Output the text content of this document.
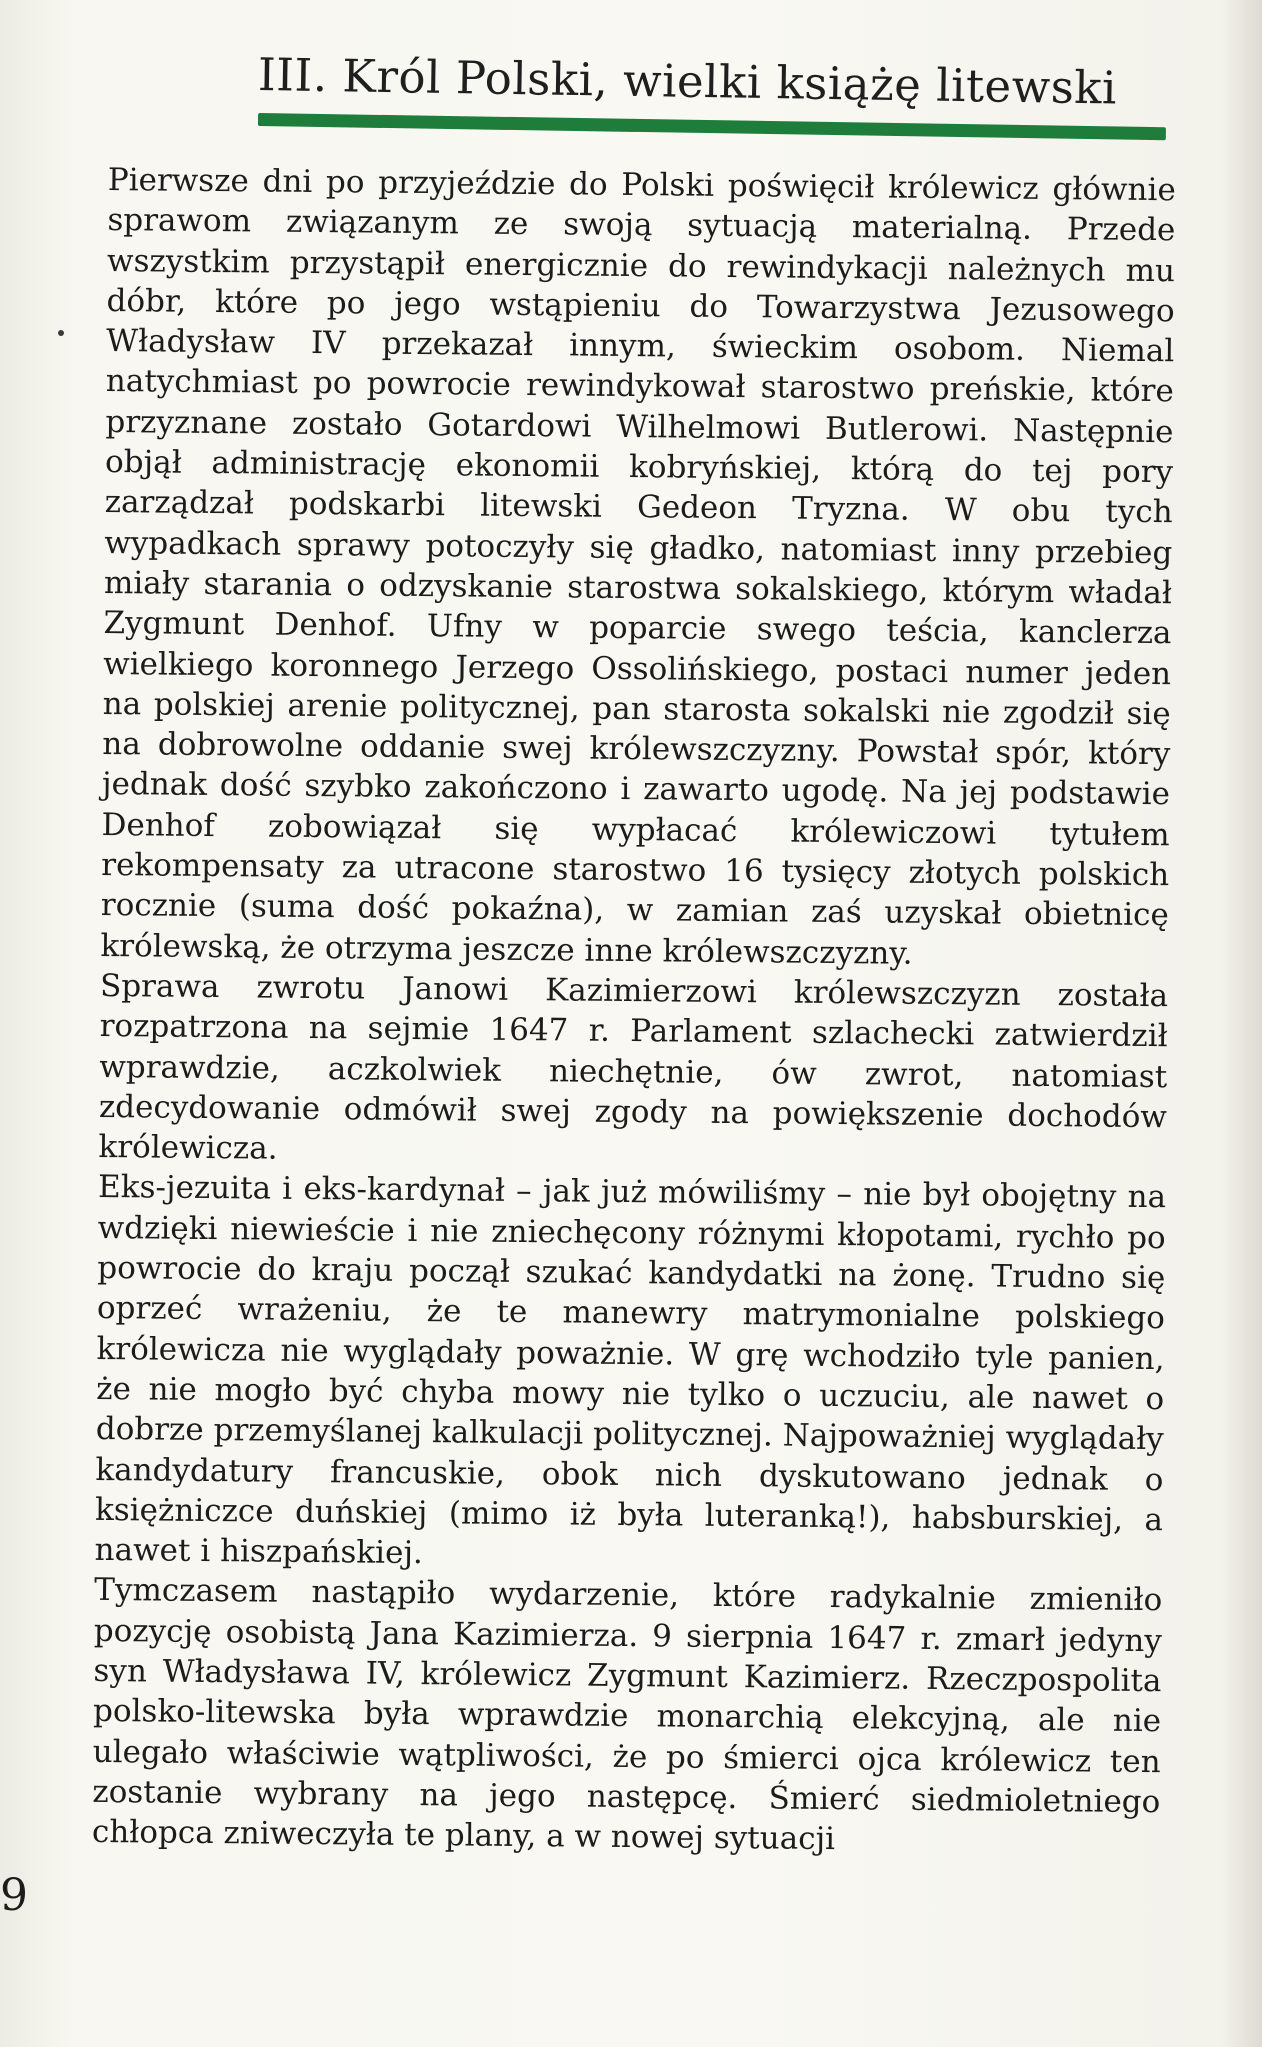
III. Król Polski, wielki książę litewski

Pierwsze dni po przyjeździe do Polski poświęcił królewicz głównie sprawom związanym ze swoją sytuacją materialną. Przede wszystkim przystąpił energicznie do rewindykacji należnych mu dóbr, które po jego wstąpieniu do Towarzystwa Jezusowego Władysław IV przekazał innym, świeckim osobom. Niemal natychmiast po powrocie rewindykował starostwo preńskie, które przyznane zostało Gotardowi Wilhelmowi Butlerowi. Następnie objął administrację ekonomii kobryńskiej, którą do tej pory zarządzał podskarbi litewski Gedeon Tryzna. W obu tych wypadkach sprawy potoczyły się gładko, natomiast inny przebieg miały starania o odzyskanie starostwa sokalskiego, którym władał Zygmunt Denhof. Ufny w poparcie swego teścia, kanclerza wielkiego koronnego Jerzego Ossolińskiego, postaci numer jeden na polskiej arenie politycznej, pan starosta sokalski nie zgodził się na dobrowolne oddanie swej królewszczyzny. Powstał spór, który jednak dość szybko zakończono i zawarto ugodę. Na jej podstawie Denhof zobowiązał się wypłacać królewiczowi tytułem rekompensaty za utracone starostwo 16 tysięcy złotych polskich rocznie (suma dość pokaźna), w zamian zaś uzyskał obietnicę królewską, że otrzyma jeszcze inne królewszczyzny.

Sprawa zwrotu Janowi Kazimierzowi królewszczyzn została rozpatrzona na sejmie 1647 r. Parlament szlachecki zatwierdził wprawdzie, aczkolwiek niechętnie, ów zwrot, natomiast zdecydowanie odmówił swej zgody na powiększenie dochodów królewicza.

Eks-jezuita i eks-kardynał – jak już mówiliśmy – nie był obojętny na wdzięki niewieście i nie zniechęcony różnymi kłopotami, rychło po powrocie do kraju począł szukać kandydatki na żonę. Trudno się oprzeć wrażeniu, że te manewry matrymonialne polskiego królewicza nie wyglądały poważnie. W grę wchodziło tyle panien, że nie mogło być chyba mowy nie tylko o uczuciu, ale nawet o dobrze przemyślanej kalkulacji politycznej. Najpoważniej wyglądały kandydatury francuskie, obok nich dyskutowano jednak o księżniczce duńskiej (mimo iż była luteranką!), habsburskiej, a nawet i hiszpańskiej.

Tymczasem nastąpiło wydarzenie, które radykalnie zmieniło pozycję osobistą Jana Kazimierza. 9 sierpnia 1647 r. zmarł jedyny syn Władysława IV, królewicz Zygmunt Kazimierz. Rzeczpospolita polsko-litewska była wprawdzie monarchią elekcyjną, ale nie ulegało właściwie wątpliwości, że po śmierci ojca królewicz ten zostanie wybrany na jego następcę. Śmierć siedmioletniego chłopca zniweczyła te plany, a w nowej sytuacji

9
